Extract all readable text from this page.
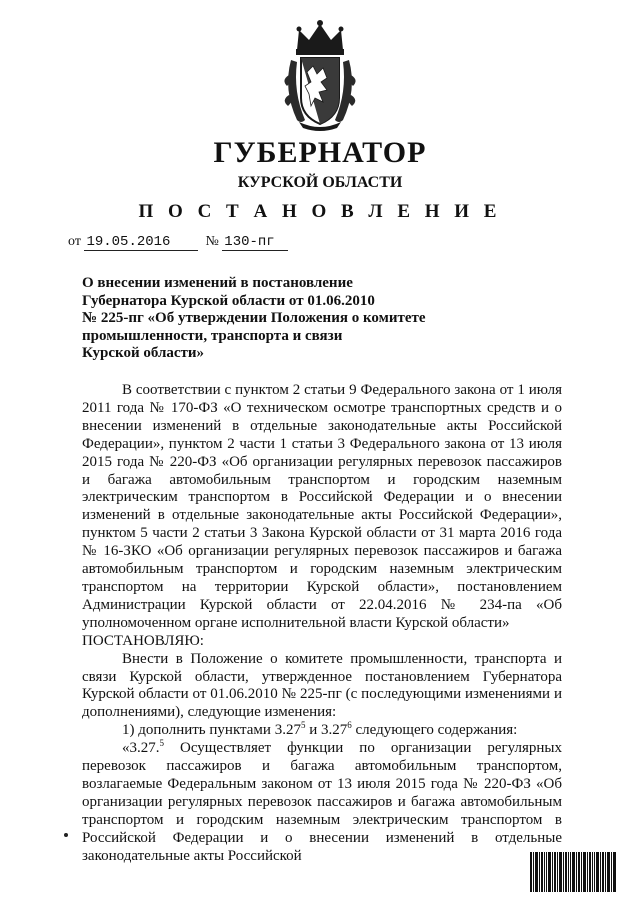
ГУБЕРНАТОР
КУРСКОЙ ОБЛАСТИ
П О С Т А Н О В Л Е Н И Е
от 19.05.2016 № 130-пг
О внесении изменений в постановление
Губернатора Курской области от 01.06.2010
№ 225-пг «Об утверждении Положения о комитете
промышленности, транспорта и связи
Курской области»

В соответствии с пунктом 2 статьи 9 Федерального закона от 1 июля 2011 года № 170-ФЗ «О техническом осмотре транспортных средств и о внесении изменений в отдельные законодательные акты Российской Федерации», пунктом 2 части 1 статьи 3 Федерального закона от 13 июля 2015 года № 220-ФЗ «Об организации регулярных перевозок пассажиров и багажа автомобильным транспортом и городским наземным электрическим транспортом в Российской Федерации и о внесении изменений в отдельные законодательные акты Российской Федерации», пунктом 5 части 2 статьи 3 Закона Курской области от 31 марта 2016 года № 16-ЗКО «Об организации регулярных перевозок пассажиров и багажа автомобильным транспортом и городским наземным электрическим транспортом на территории Курской области», постановлением Администрации Курской области от 22.04.2016 № 234-па «Об уполномоченном органе исполнительной власти Курской области»

ПОСТАНОВЛЯЮ:

Внести в Положение о комитете промышленности, транспорта и связи Курской области, утвержденное постановлением Губернатора Курской области от 01.06.2010 № 225-пг (с последующими изменениями и дополнениями), следующие изменения:

1) дополнить пунктами 3.27$^5$ и 3.27$^6$ следующего содержания:

«3.27.$^5$ Осуществляет функции по организации регулярных перевозок пассажиров и багажа автомобильным транспортом, возлагаемые Федеральным законом от 13 июля 2015 года № 220-ФЗ «Об организации регулярных перевозок пассажиров и багажа автомобильным транспортом и городским наземным электрическим транспортом в Российской Федерации и о внесении изменений в отдельные законодательные акты Российской
